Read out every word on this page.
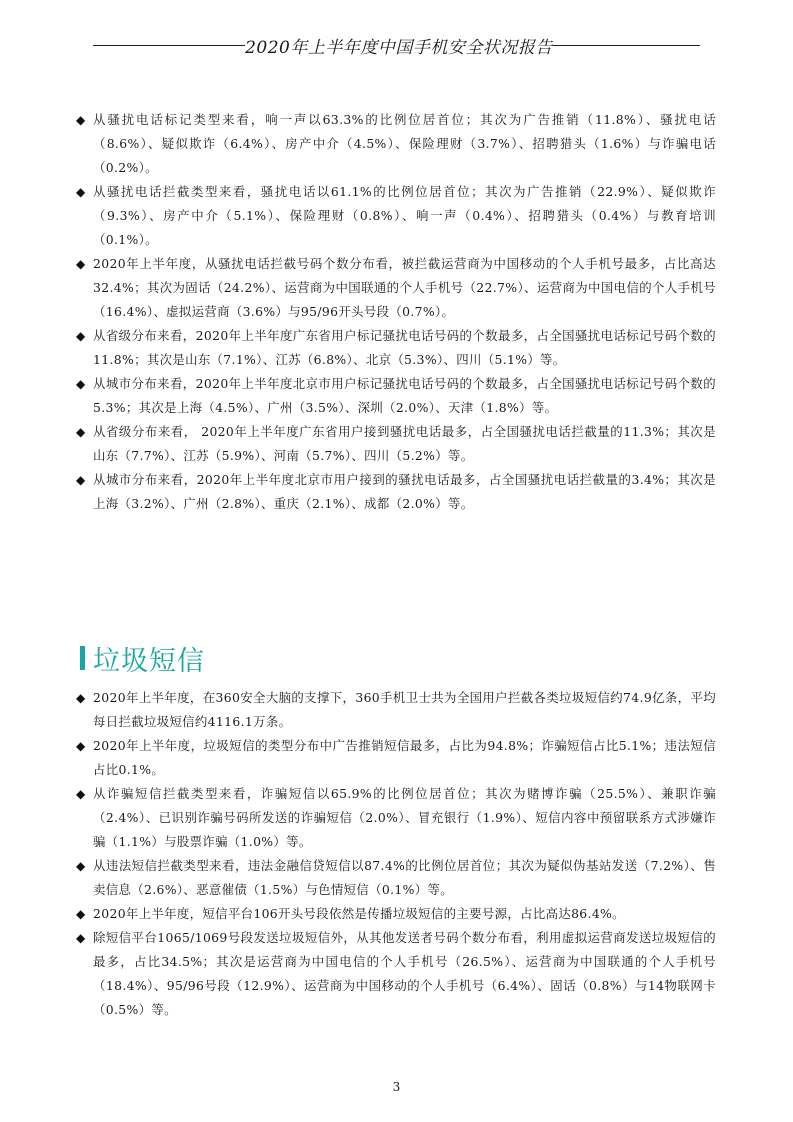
2020年上半年度中国手机安全状况报告
◆ 从骚扰电话标记类型来看，响一声以63.3%的比例位居首位；其次为广告推销（11.8%）、骚扰电话（8.6%）、疑似欺诈（6.4%）、房产中介（4.5%）、保险理财（3.7%）、招聘猎头（1.6%）与诈骗电话（0.2%）。
◆ 从骚扰电话拦截类型来看，骚扰电话以61.1%的比例位居首位；其次为广告推销（22.9%）、疑似欺诈（9.3%）、房产中介（5.1%）、保险理财（0.8%）、响一声（0.4%）、招聘猎头（0.4%）与教育培训（0.1%）。
◆ 2020年上半年度，从骚扰电话拦截号码个数分布看，被拦截运营商为中国移动的个人手机号最多，占比高达32.4%；其次为固话（24.2%）、运营商为中国联通的个人手机号（22.7%）、运营商为中国电信的个人手机号（16.4%）、虚拟运营商（3.6%）与95/96开头号段（0.7%）。
◆ 从省级分布来看，2020年上半年度广东省用户标记骚扰电话号码的个数最多，占全国骚扰电话标记号码个数的11.8%；其次是山东（7.1%）、江苏（6.8%）、北京（5.3%）、四川（5.1%）等。
◆ 从城市分布来看，2020年上半年度北京市用户标记骚扰电话号码的个数最多，占全国骚扰电话标记号码个数的5.3%；其次是上海（4.5%）、广州（3.5%）、深圳（2.0%）、天津（1.8%）等。
◆ 从省级分布来看， 2020年上半年度广东省用户接到骚扰电话最多，占全国骚扰电话拦截量的11.3%；其次是山东（7.7%）、江苏（5.9%）、河南（5.7%）、四川（5.2%）等。
◆ 从城市分布来看，2020年上半年度北京市用户接到的骚扰电话最多，占全国骚扰电话拦截量的3.4%；其次是上海（3.2%）、广州（2.8%）、重庆（2.1%）、成都（2.0%）等。
垃圾短信
◆ 2020年上半年度，在360安全大脑的支撑下，360手机卫士共为全国用户拦截各类垃圾短信约74.9亿条，平均每日拦截垃圾短信约4116.1万条。
◆ 2020年上半年度，垃圾短信的类型分布中广告推销短信最多，占比为94.8%；诈骗短信占比5.1%；违法短信占比0.1%。
◆ 从诈骗短信拦截类型来看，诈骗短信以65.9%的比例位居首位；其次为赌博诈骗（25.5%）、兼职诈骗（2.4%）、已识别诈骗号码所发送的诈骗短信（2.0%）、冒充银行（1.9%）、短信内容中预留联系方式涉嫌诈骗（1.1%）与股票诈骗（1.0%）等。
◆ 从违法短信拦截类型来看，违法金融信贷短信以87.4%的比例位居首位；其次为疑似伪基站发送（7.2%）、售卖信息（2.6%）、恶意催债（1.5%）与色情短信（0.1%）等。
◆ 2020年上半年度，短信平台106开头号段依然是传播垃圾短信的主要号源，占比高达86.4%。
◆ 除短信平台1065/1069号段发送垃圾短信外，从其他发送者号码个数分布看，利用虚拟运营商发送垃圾短信的最多，占比34.5%；其次是运营商为中国电信的个人手机号（26.5%）、运营商为中国联通的个人手机号（18.4%）、95/96号段（12.9%）、运营商为中国移动的个人手机号（6.4%）、固话（0.8%）与14物联网卡（0.5%）等。
3
